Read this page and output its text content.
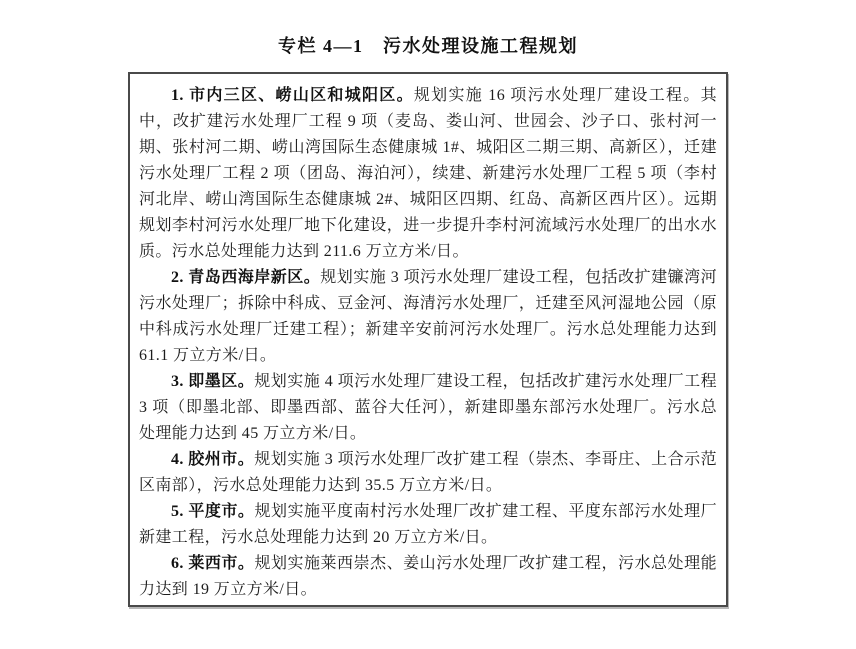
专栏 4—1　污水处理设施工程规划

1. 市内三区、崂山区和城阳区。规划实施 16 项污水处理厂建设工程。其中，改扩建污水处理厂工程 9 项（麦岛、娄山河、世园会、沙子口、张村河一期、张村河二期、崂山湾国际生态健康城 1#、城阳区二期三期、高新区），迁建污水处理厂工程 2 项（团岛、海泊河），续建、新建污水处理厂工程 5 项（李村河北岸、崂山湾国际生态健康城 2#、城阳区四期、红岛、高新区西片区）。远期规划李村河污水处理厂地下化建设，进一步提升李村河流域污水处理厂的出水水质。污水总处理能力达到 211.6 万立方米/日。

2. 青岛西海岸新区。规划实施 3 项污水处理厂建设工程，包括改扩建镰湾河污水处理厂；拆除中科成、豆金河、海清污水处理厂，迁建至风河湿地公园（原中科成污水处理厂迁建工程）；新建辛安前河污水处理厂。污水总处理能力达到 61.1 万立方米/日。

3. 即墨区。规划实施 4 项污水处理厂建设工程，包括改扩建污水处理厂工程 3 项（即墨北部、即墨西部、蓝谷大任河），新建即墨东部污水处理厂。污水总处理能力达到 45 万立方米/日。

4. 胶州市。规划实施 3 项污水处理厂改扩建工程（崇杰、李哥庄、上合示范区南部），污水总处理能力达到 35.5 万立方米/日。

5. 平度市。规划实施平度南村污水处理厂改扩建工程、平度东部污水处理厂新建工程，污水总处理能力达到 20 万立方米/日。

6. 莱西市。规划实施莱西崇杰、姜山污水处理厂改扩建工程，污水总处理能力达到 19 万立方米/日。
